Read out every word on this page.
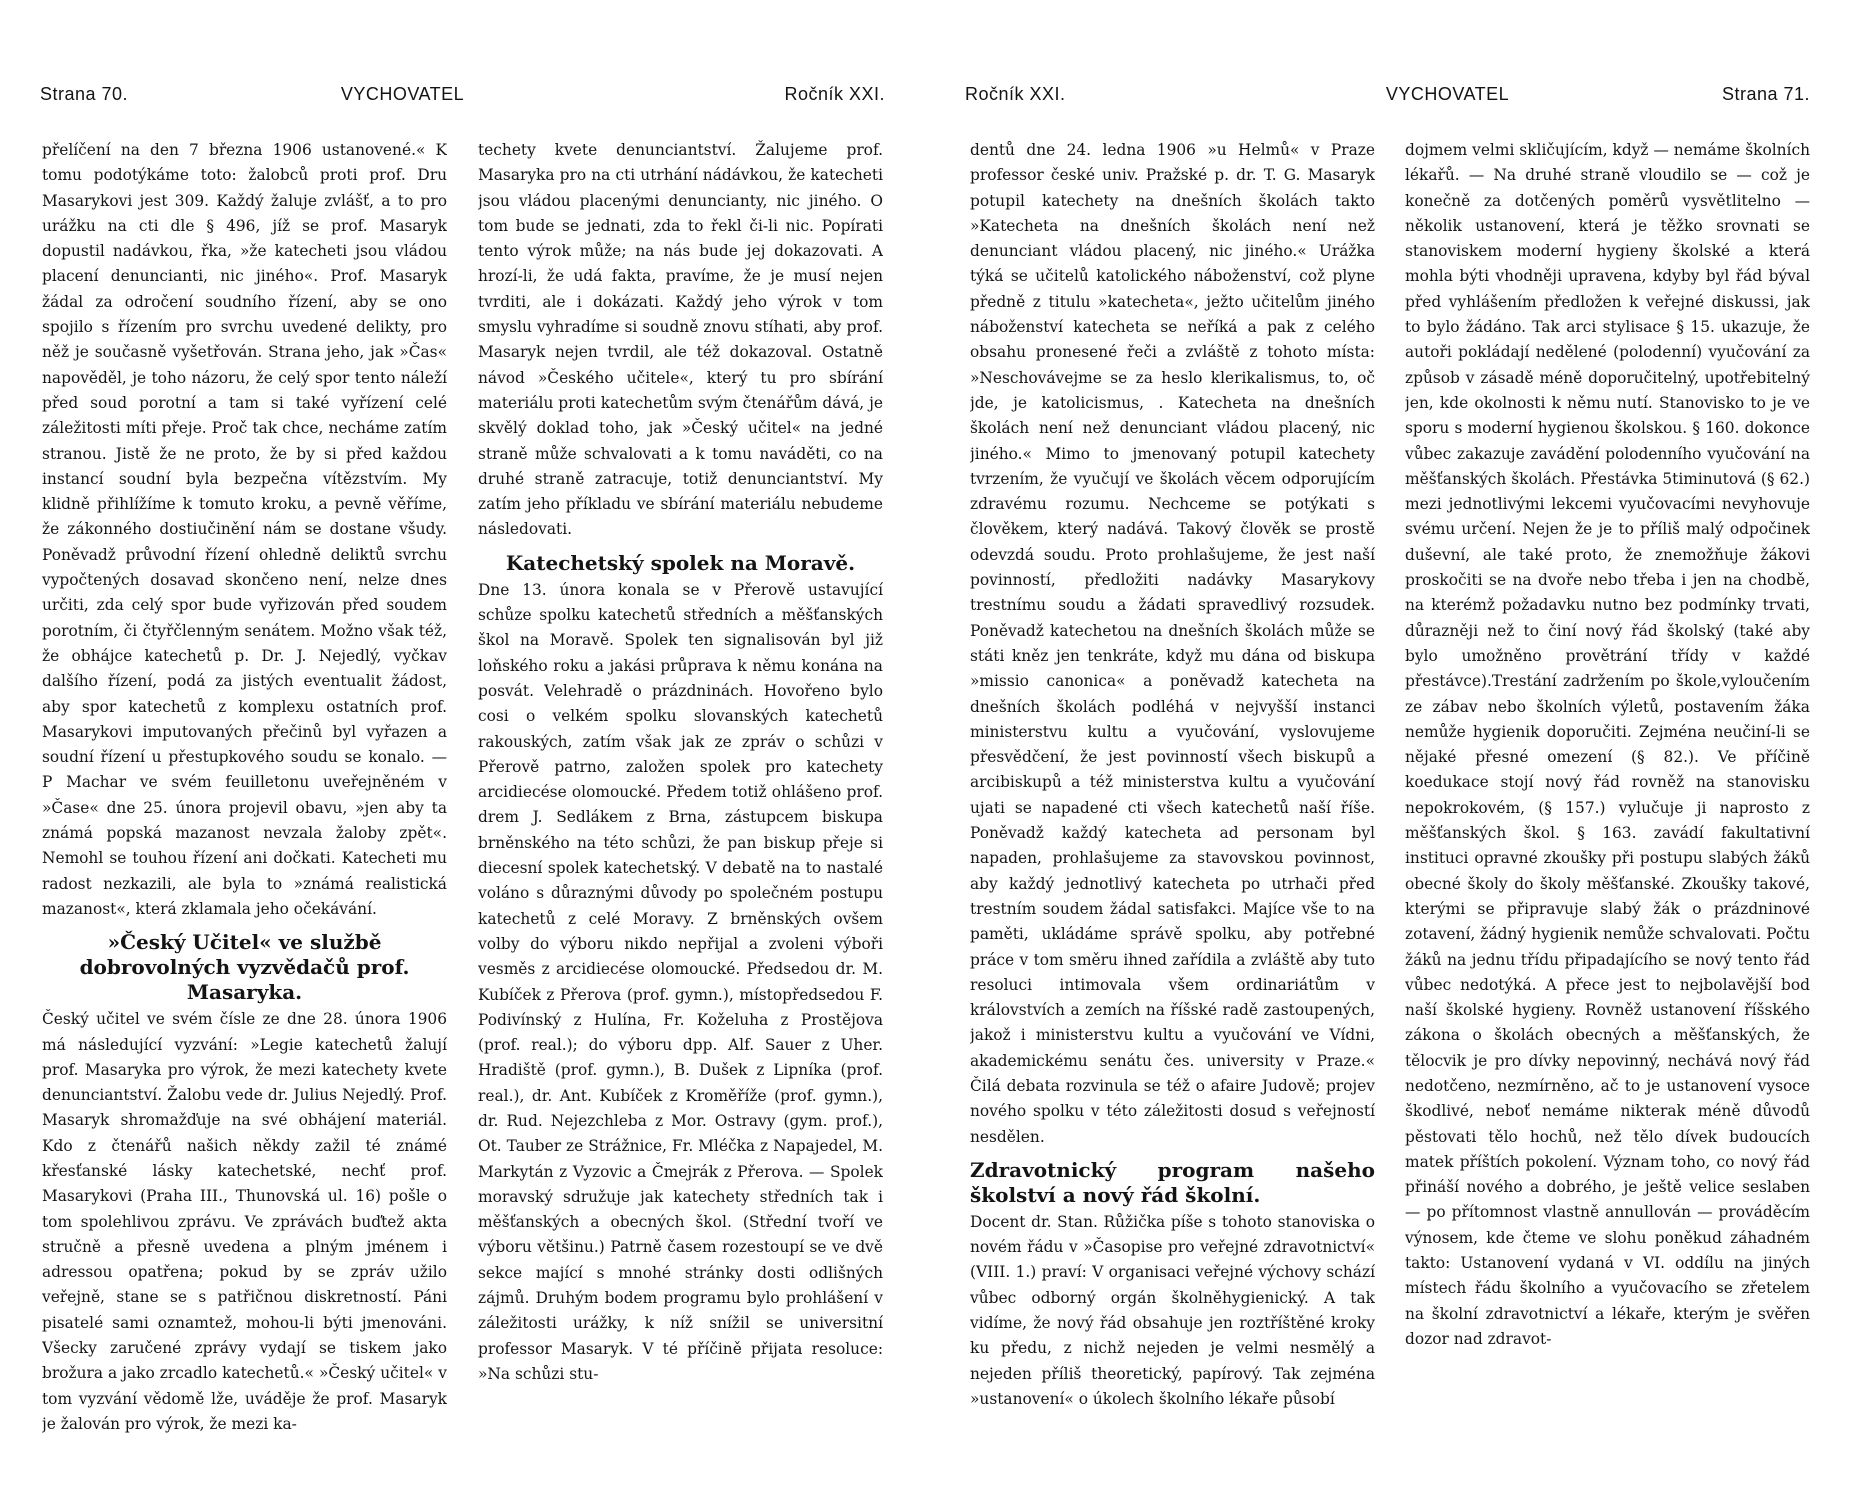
Strana 70.	VYCHOVATEL	Ročník XXI.

přelíčení na den 7 března 1906 ustanovené.« K tomu podotýkáme toto: žalobců proti prof. Dru Masarykovi jest 309. Každý žaluje zvlášť, a to pro urážku na cti dle § 496, jíž se prof. Masaryk dopustil nadávkou, řka, »že katecheti jsou vládou placení denuncianti, nic jiného«. Prof. Masaryk žádal za odročení soudního řízení, aby se ono spojilo s řízením pro svrchu uvedené delikty, pro něž je současně vyšetřován. Strana jeho, jak »Čas« napověděl, je toho názoru, že celý spor tento náleží před soud porotní a tam si také vyřízení celé záležitosti míti přeje. Proč tak chce, necháme zatím stranou. Jistě že ne proto, že by si před každou instancí soudní byla bezpečna vítězstvím. My klidně přihlížíme k tomuto kroku, a pevně věříme, že zákonného dostiučinění nám se dostane všudy. Poněvadž průvodní řízení ohledně deliktů svrchu vypočtených dosavad skončeno není, nelze dnes určiti, zda celý spor bude vyřizován před soudem porotním, či čtyřčlenným senátem. Možno však též, že obhájce katechetů p. Dr. J. Nejedlý, vyčkav dalšího řízení, podá za jistých eventualit žádost, aby spor katechetů z komplexu ostatních prof. Masarykovi imputovaných přečinů byl vyřazen a soudní řízení u přestupkového soudu se konalo. — P Machar ve svém feuilletonu uveřejněném v »Čase« dne 25. února projevil obavu, »jen aby ta známá popská mazanost nevzala žaloby zpět«. Nemohl se touhou řízení ani dočkati. Katecheti mu radost nezkazili, ale byla to »známá realistická mazanost«, která zklamala jeho očekávání.

»Český Učitel« ve službě dobrovolných vyzvědačů prof. Masaryka.

Český učitel ve svém čísle ze dne 28. února 1906 má následující vyzvání: »Legie katechetů žalují prof. Masaryka pro výrok, že mezi katechety kvete denunciantství. Žalobu vede dr. Julius Nejedlý. Prof. Masaryk shromažďuje na své obhájení materiál. Kdo z čtenářů našich někdy zažil té známé křesťanské lásky katechetské, nechť prof. Masarykovi (Praha III., Thunovská ul. 16) pošle o tom spolehlivou zprávu. Ve zprávách buďtež akta stručně a přesně uvedena a plným jménem i adressou opatřena; pokud by se zpráv užilo veřejně, stane se s patřičnou diskretností. Páni pisatelé sami oznamtež, mohou-li býti jmenováni. Všecky zaručené zprávy vydají se tiskem jako brožura a jako zrcadlo katechetů.« »Český učitel« v tom vyzvání vědomě lže, uváděje že prof. Masaryk je žalován pro výrok, že mezi ka-

techety kvete denunciantství. Žalujeme prof. Masaryka pro na cti utrhání nádávkou, že katecheti jsou vládou placenými denuncianty, nic jiného. O tom bude se jednati, zda to řekl či-li nic. Popírati tento výrok může; na nás bude jej dokazovati. A hrozí-li, že udá fakta, pravíme, že je musí nejen tvrditi, ale i dokázati. Každý jeho výrok v tom smyslu vyhradíme si soudně znovu stíhati, aby prof. Masaryk nejen tvrdil, ale též dokazoval. Ostatně návod »Českého učitele«, který tu pro sbírání materiálu proti katechetům svým čtenářům dává, je skvělý doklad toho, jak »Český učitel« na jedné straně může schvalovati a k tomu naváděti, co na druhé straně zatracuje, totiž denunciantství. My zatím jeho příkladu ve sbírání materiálu nebudeme následovati.

Katechetský spolek na Moravě.

Dne 13. února konala se v Přerově ustavující schůze spolku katechetů středních a měšťanských škol na Moravě. Spolek ten signalisován byl již loňského roku a jakási průprava k němu konána na posvát. Velehradě o prázdninách. Hovořeno bylo cosi o velkém spolku slovanských katechetů rakouských, zatím však jak ze zpráv o schůzi v Přerově patrno, založen spolek pro katechety arcidiecése olomoucké. Předem totiž ohlášeno prof. drem J. Sedlákem z Brna, zástupcem biskupa brněnského na této schůzi, že pan biskup přeje si diecesní spolek katechetský. V debatě na to nastalé voláno s důraznými důvody po společném postupu katechetů z celé Moravy. Z brněnských ovšem volby do výboru nikdo nepřijal a zvoleni výboři vesměs z arcidiecése olomoucké. Předsedou dr. M. Kubíček z Přerova (prof. gymn.), místopředsedou F. Podivínský z Hulína, Fr. Koželuha z Prostějova (prof. real.); do výboru dpp. Alf. Sauer z Uher. Hradiště (prof. gymn.), B. Dušek z Lipníka (prof. real.), dr. Ant. Kubíček z Kroměříže (prof. gymn.), dr. Rud. Nejezchleba z Mor. Ostravy (gym. prof.), Ot. Tauber ze Strážnice, Fr. Mléčka z Napajedel, M. Markytán z Vyzovic a Čmejrák z Přerova. — Spolek moravský sdružuje jak katechety středních tak i měšťanských a obecných škol. (Střední tvoří ve výboru většinu.) Patrně časem rozestoupí se ve dvě sekce mající s mnohé stránky dosti odlišných zájmů. Druhým bodem programu bylo prohlášení v záležitosti urážky, k níž snížil se universitní professor Masaryk. V té příčině přijata resoluce: »Na schůzi stu-

Ročník XXI.	VYCHOVATEL	Strana 71.

dentů dne 24. ledna 1906 »u Helmů« v Praze professor české univ. Pražské p. dr. T. G. Masaryk potupil katechety na dnešních školách takto »Katecheta na dnešních školách není než denunciant vládou placený, nic jiného.« Urážka týká se učitelů katolického náboženství, což plyne předně z titulu »katecheta«, ježto učitelům jiného náboženství katecheta se neříká a pak z celého obsahu pronesené řeči a zvláště z tohoto místa: »Neschovávejme se za heslo klerikalismus, to, oč jde, je katolicismus, . Katecheta na dnešních školách není než denunciant vládou placený, nic jiného.« Mimo to jmenovaný potupil katechety tvrzením, že vyučují ve školách věcem odporujícím zdravému rozumu. Nechceme se potýkati s člověkem, který nadává. Takový člověk se prostě odevzdá soudu. Proto prohlašujeme, že jest naší povinností, předložiti nadávky Masarykovy trestnímu soudu a žádati spravedlivý rozsudek. Poněvadž katechetou na dnešních školách může se státi kněz jen tenkráte, když mu dána od biskupa »missio canonica« a poněvadž katecheta na dnešních školách podléhá v nejvyšší instanci ministerstvu kultu a vyučování, vyslovujeme přesvědčení, že jest povinností všech biskupů a arcibiskupů a též ministerstva kultu a vyučování ujati se napadené cti všech katechetů naší říše. Poněvadž každý katecheta ad personam byl napaden, prohlašujeme za stavovskou povinnost, aby každý jednotlivý katecheta po utrhači před trestním soudem žádal satisfakci. Majíce vše to na paměti, ukládáme správě spolku, aby potřebné práce v tom směru ihned zařídila a zvláště aby tuto resoluci intimovala všem ordinariátům v královstvích a zemích na říšské radě zastoupených, jakož i ministerstvu kultu a vyučování ve Vídni, akademickému senátu čes. university v Praze.« Čilá debata rozvinula se též o afaire Judově; projev nového spolku v této záležitosti dosud s veřejností nesdělen.

Zdravotnický program našeho školství a nový řád školní.

Docent dr. Stan. Růžička píše s tohoto stanoviska o novém řádu v »Časopise pro veřejné zdravotnictví« (VIII. 1.) praví: V organisaci veřejné výchovy schází vůbec odborný orgán školněhygienický. A tak vidíme, že nový řád obsahuje jen roztříštěné kroky ku předu, z nichž nejeden je velmi nesmělý a nejeden příliš theoretický, papírový. Tak zejména »ustanovení« o úkolech školního lékaře působí

dojmem velmi skličujícím, když — nemáme školních lékařů. — Na druhé straně vloudilo se — což je konečně za dotčených poměrů vysvětlitelno — několik ustanovení, která je těžko srovnati se stanoviskem moderní hygieny školské a která mohla býti vhodněji upravena, kdyby byl řád býval před vyhlášením předložen k veřejné diskussi, jak to bylo žádáno. Tak arci stylisace § 15. ukazuje, že autoři pokládají nedělené (polodenní) vyučování za způsob v zásadě méně doporučitelný, upotřebitelný jen, kde okolnosti k němu nutí. Stanovisko to je ve sporu s moderní hygienou školskou. § 160. dokonce vůbec zakazuje zavádění polodenního vyučování na měšťanských školách. Přestávka 5timinutová (§ 62.) mezi jednotlivými lekcemi vyučovacími nevyhovuje svému určení. Nejen že je to příliš malý odpočinek duševní, ale také proto, že znemožňuje žákovi proskočiti se na dvoře nebo třeba i jen na chodbě, na kterémž požadavku nutno bez podmínky trvati, důrazněji než to činí nový řád školský (také aby bylo umožněno provětrání třídy v každé přestávce).Trestání zadržením po škole,vyloučením ze zábav nebo školních výletů, postavením žáka nemůže hygienik doporučiti. Zejména neučiní-li se nějaké přesné omezení (§ 82.). Ve příčině koedukace stojí nový řád rovněž na stanovisku nepokrokovém, (§ 157.) vylučuje ji naprosto z měšťanských škol. § 163. zavádí fakultativní instituci opravné zkoušky při postupu slabých žáků obecné školy do školy měšťanské. Zkoušky takové, kterými se připravuje slabý žák o prázdninové zotavení, žádný hygienik nemůže schvalovati. Počtu žáků na jednu třídu připadajícího se nový tento řád vůbec nedotýká. A přece jest to nejbolavější bod naší školské hygieny. Rovněž ustanovení říšského zákona o školách obecných a měšťanských, že tělocvik je pro dívky nepovinný, nechává nový řád nedotčeno, nezmírněno, ač to je ustanovení vysoce škodlivé, neboť nemáme nikterak méně důvodů pěstovati tělo hochů, než tělo dívek budoucích matek příštích pokolení. Význam toho, co nový řád přináší nového a dobrého, je ještě velice seslaben — po přítomnost vlastně annullován — prováděcím výnosem, kde čteme ve slohu poněkud záhadném takto: Ustanovení vydaná v VI. oddílu na jiných místech řádu školního a vyučovacího se zřetelem na školní zdravotnictví a lékaře, kterým je svěřen dozor nad zdravot-
